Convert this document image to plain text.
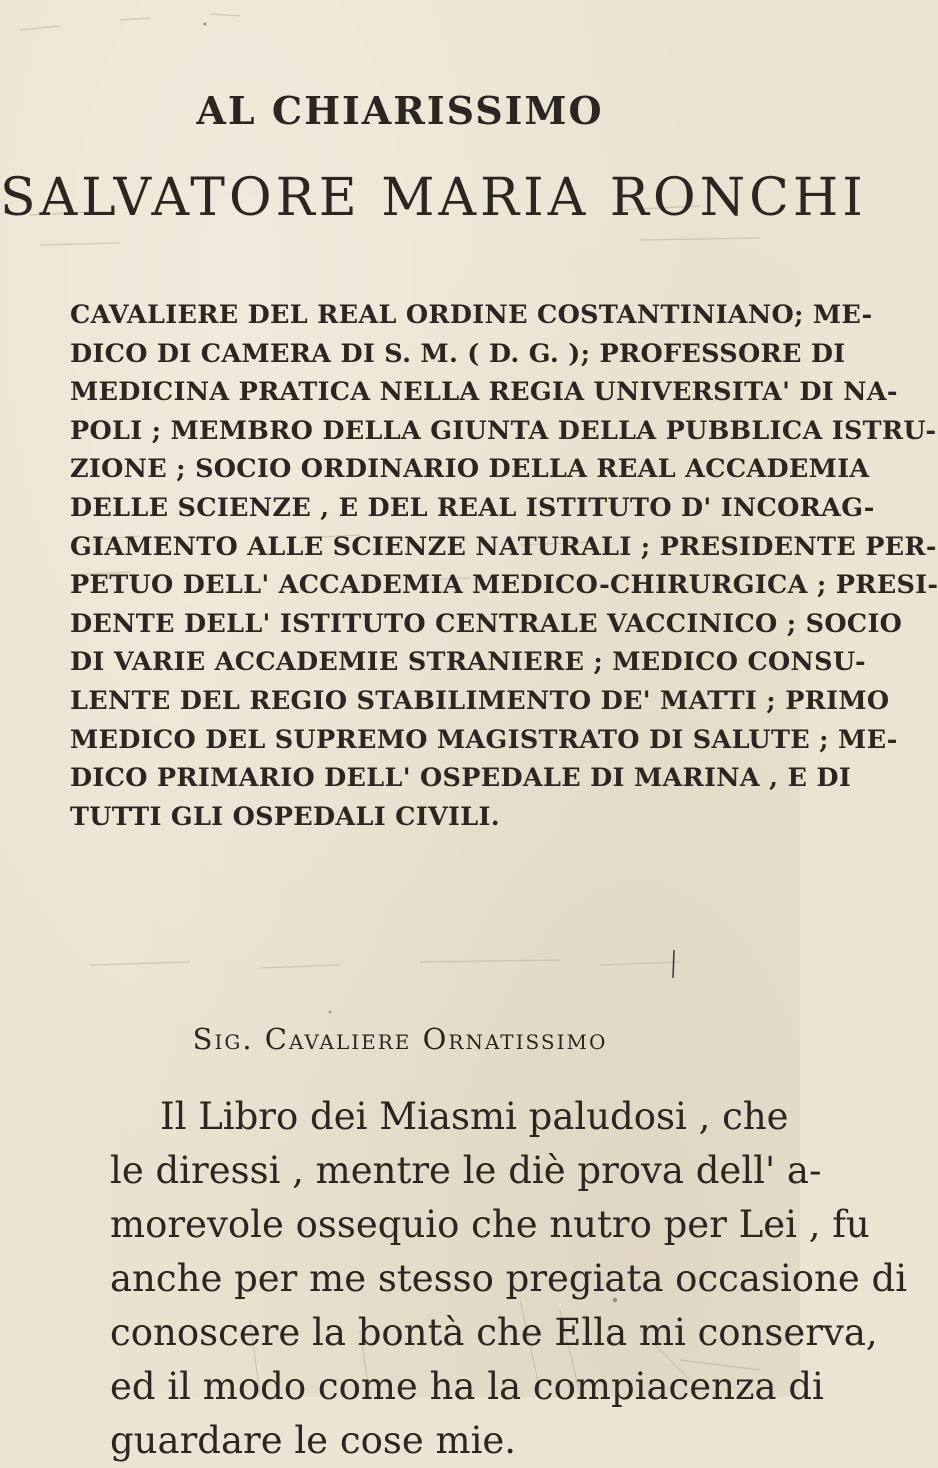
AL CHIARISSIMO
SALVATORE MARIA RONCHI
CAVALIERE DEL REAL ORDINE COSTANTINIANO; ME-
DICO DI CAMERA DI S. M. ( D. G. ); PROFESSORE DI
MEDICINA PRATICA NELLA REGIA UNIVERSITA' DI NA-
POLI ; MEMBRO DELLA GIUNTA DELLA PUBBLICA ISTRU-
ZIONE ; SOCIO ORDINARIO DELLA REAL ACCADEMIA
DELLE SCIENZE , E DEL REAL ISTITUTO D' INCORAG-
GIAMENTO ALLE SCIENZE NATURALI ; PRESIDENTE PER-
PETUO DELL' ACCADEMIA MEDICO-CHIRURGICA ; PRESI-
DENTE DELL' ISTITUTO CENTRALE VACCINICO ; SOCIO
DI VARIE ACCADEMIE STRANIERE ; MEDICO CONSU-
LENTE DEL REGIO STABILIMENTO DE' MATTI ; PRIMO
MEDICO DEL SUPREMO MAGISTRATO DI SALUTE ; ME-
DICO PRIMARIO DELL' OSPEDALE DI MARINA , E DI
TUTTI GLI OSPEDALI CIVILI.
Sig. Cavaliere Ornatissimo
Il Libro dei Miasmi paludosi , che
le diressi , mentre le diè prova dell' a-
morevole ossequio che nutro per Lei , fu
anche per me stesso pregiata occasione di
conoscere la bontà che Ella mi conserva,
ed il modo come ha la compiacenza di
guardare le cose mie.
